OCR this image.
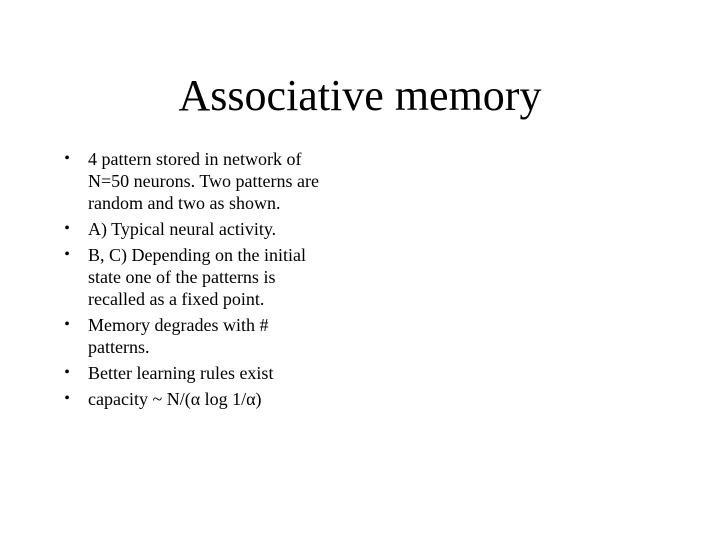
Associative memory
• 4 pattern stored in network of N=50 neurons. Two patterns are random and two as shown.
• A) Typical neural activity.
• B, C) Depending on the initial state one of the patterns is recalled as a fixed point.
• Memory degrades with # patterns.
• Better learning rules exist
• capacity ~ N/(α log 1/α)
